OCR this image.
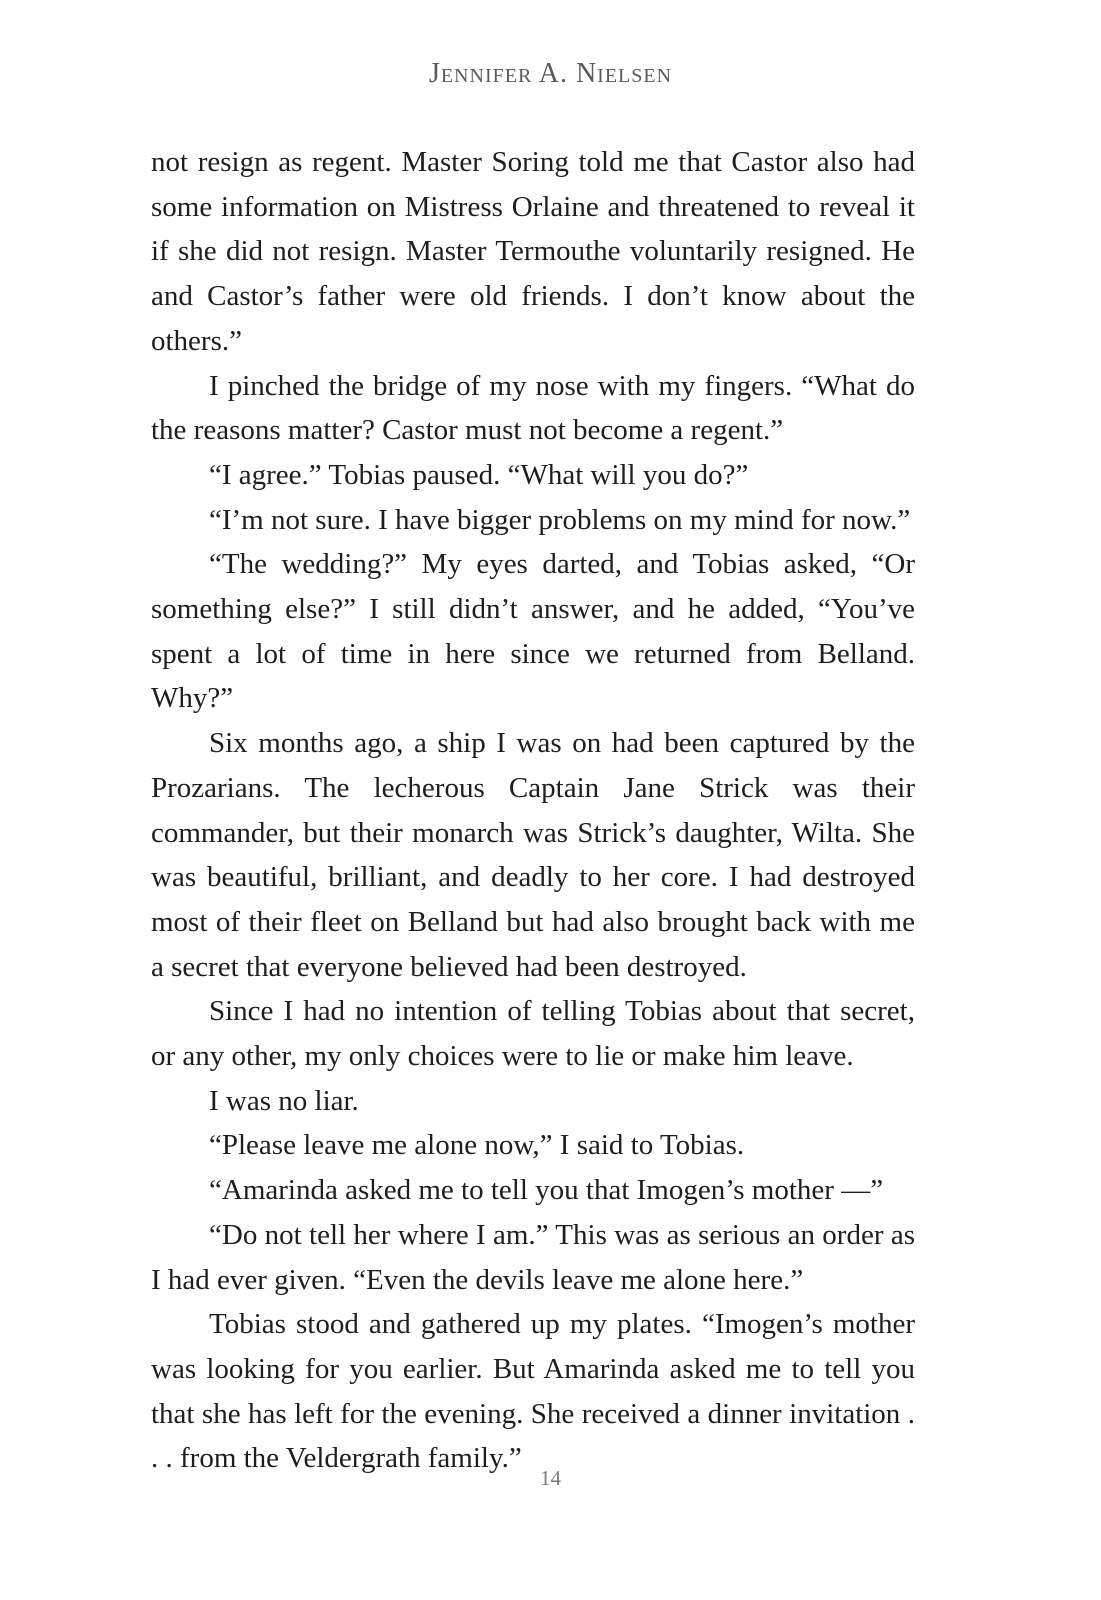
Jennifer A. Nielsen

not resign as regent. Master Soring told me that Castor also had some information on Mistress Orlaine and threatened to reveal it if she did not resign. Master Termouthe voluntarily resigned. He and Castor’s father were old friends. I don’t know about the others.”

I pinched the bridge of my nose with my fingers. “What do the reasons matter? Castor must not become a regent.”

“I agree.” Tobias paused. “What will you do?”

“I’m not sure. I have bigger problems on my mind for now.”

“The wedding?” My eyes darted, and Tobias asked, “Or something else?” I still didn’t answer, and he added, “You’ve spent a lot of time in here since we returned from Belland. Why?”

Six months ago, a ship I was on had been captured by the Prozarians. The lecherous Captain Jane Strick was their commander, but their monarch was Strick’s daughter, Wilta. She was beautiful, brilliant, and deadly to her core. I had destroyed most of their fleet on Belland but had also brought back with me a secret that everyone believed had been destroyed.

Since I had no intention of telling Tobias about that secret, or any other, my only choices were to lie or make him leave.

I was no liar.

“Please leave me alone now,” I said to Tobias.

“Amarinda asked me to tell you that Imogen’s mother —”

“Do not tell her where I am.” This was as serious an order as I had ever given. “Even the devils leave me alone here.”

Tobias stood and gathered up my plates. “Imogen’s mother was looking for you earlier. But Amarinda asked me to tell you that she has left for the evening. She received a dinner invitation . . . from the Veldergrath family.”

14
